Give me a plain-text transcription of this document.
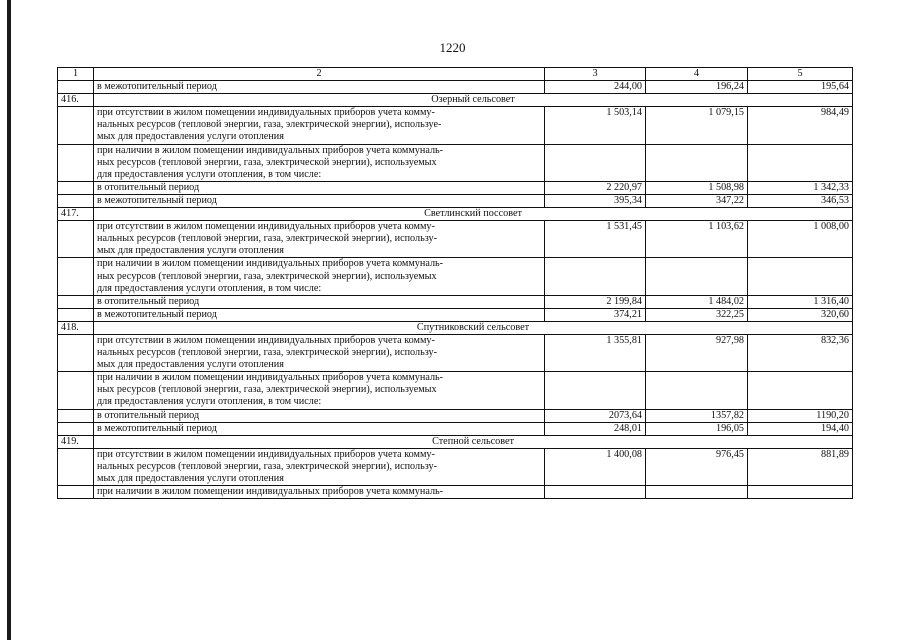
1220
1	2	3	4	5
	в межотопительный период	244,00	196,24	195,64
416.	Озерный сельсовет			

	при отсутствии в жилом помещении индивидуальных приборов учета комму-
нальных ресурсов (тепловой энергии, газа, электрической энергии), используе-
мых для предоставления услуги отопления	1 503,14	1 079,15	984,49

	при наличии в жилом помещении индивидуальных приборов учета коммуналь-
ных ресурсов (тепловой энергии, газа, электрической энергии), используемых
для предоставления услуги отопления, в том числе:			

	в отопительный период	2 220,97	1 508,98	1 342,33
	в межотопительный период	395,34	347,22	346,53
417.	Светлинский поссовет			

	при отсутствии в жилом помещении индивидуальных приборов учета комму-
нальных ресурсов (тепловой энергии, газа, электрической энергии), использу-
мых для предоставления услуги отопления	1 531,45	1 103,62	1 008,00

	при наличии в жилом помещении индивидуальных приборов учета коммуналь-
ных ресурсов (тепловой энергии, газа, электрической энергии), используемых
для предоставления услуги отопления, в том числе:			

	в отопительный период	2 199,84	1 484,02	1 316,40
	в межотопительный период	374,21	322,25	320,60
418.	Спутниковский сельсовет			

	при отсутствии в жилом помещении индивидуальных приборов учета комму-
нальных ресурсов (тепловой энергии, газа, электрической энергии), использу-
мых для предоставления услуги отопления	1 355,81	927,98	832,36

	при наличии в жилом помещении индивидуальных приборов учета коммуналь-
ных ресурсов (тепловой энергии, газа, электрической энергии), используемых
для предоставления услуги отопления, в том числе:			

	в отопительный период	2073,64	1357,82	1190,20
	в межотопительный период	248,01	196,05	194,40
419.	Степной сельсовет			

	при отсутствии в жилом помещении индивидуальных приборов учета комму-
нальных ресурсов (тепловой энергии, газа, электрической энергии), использу-
мых для предоставления услуги отопления	1 400,08	976,45	881,89

	при наличии в жилом помещении индивидуальных приборов учета коммуналь-			
